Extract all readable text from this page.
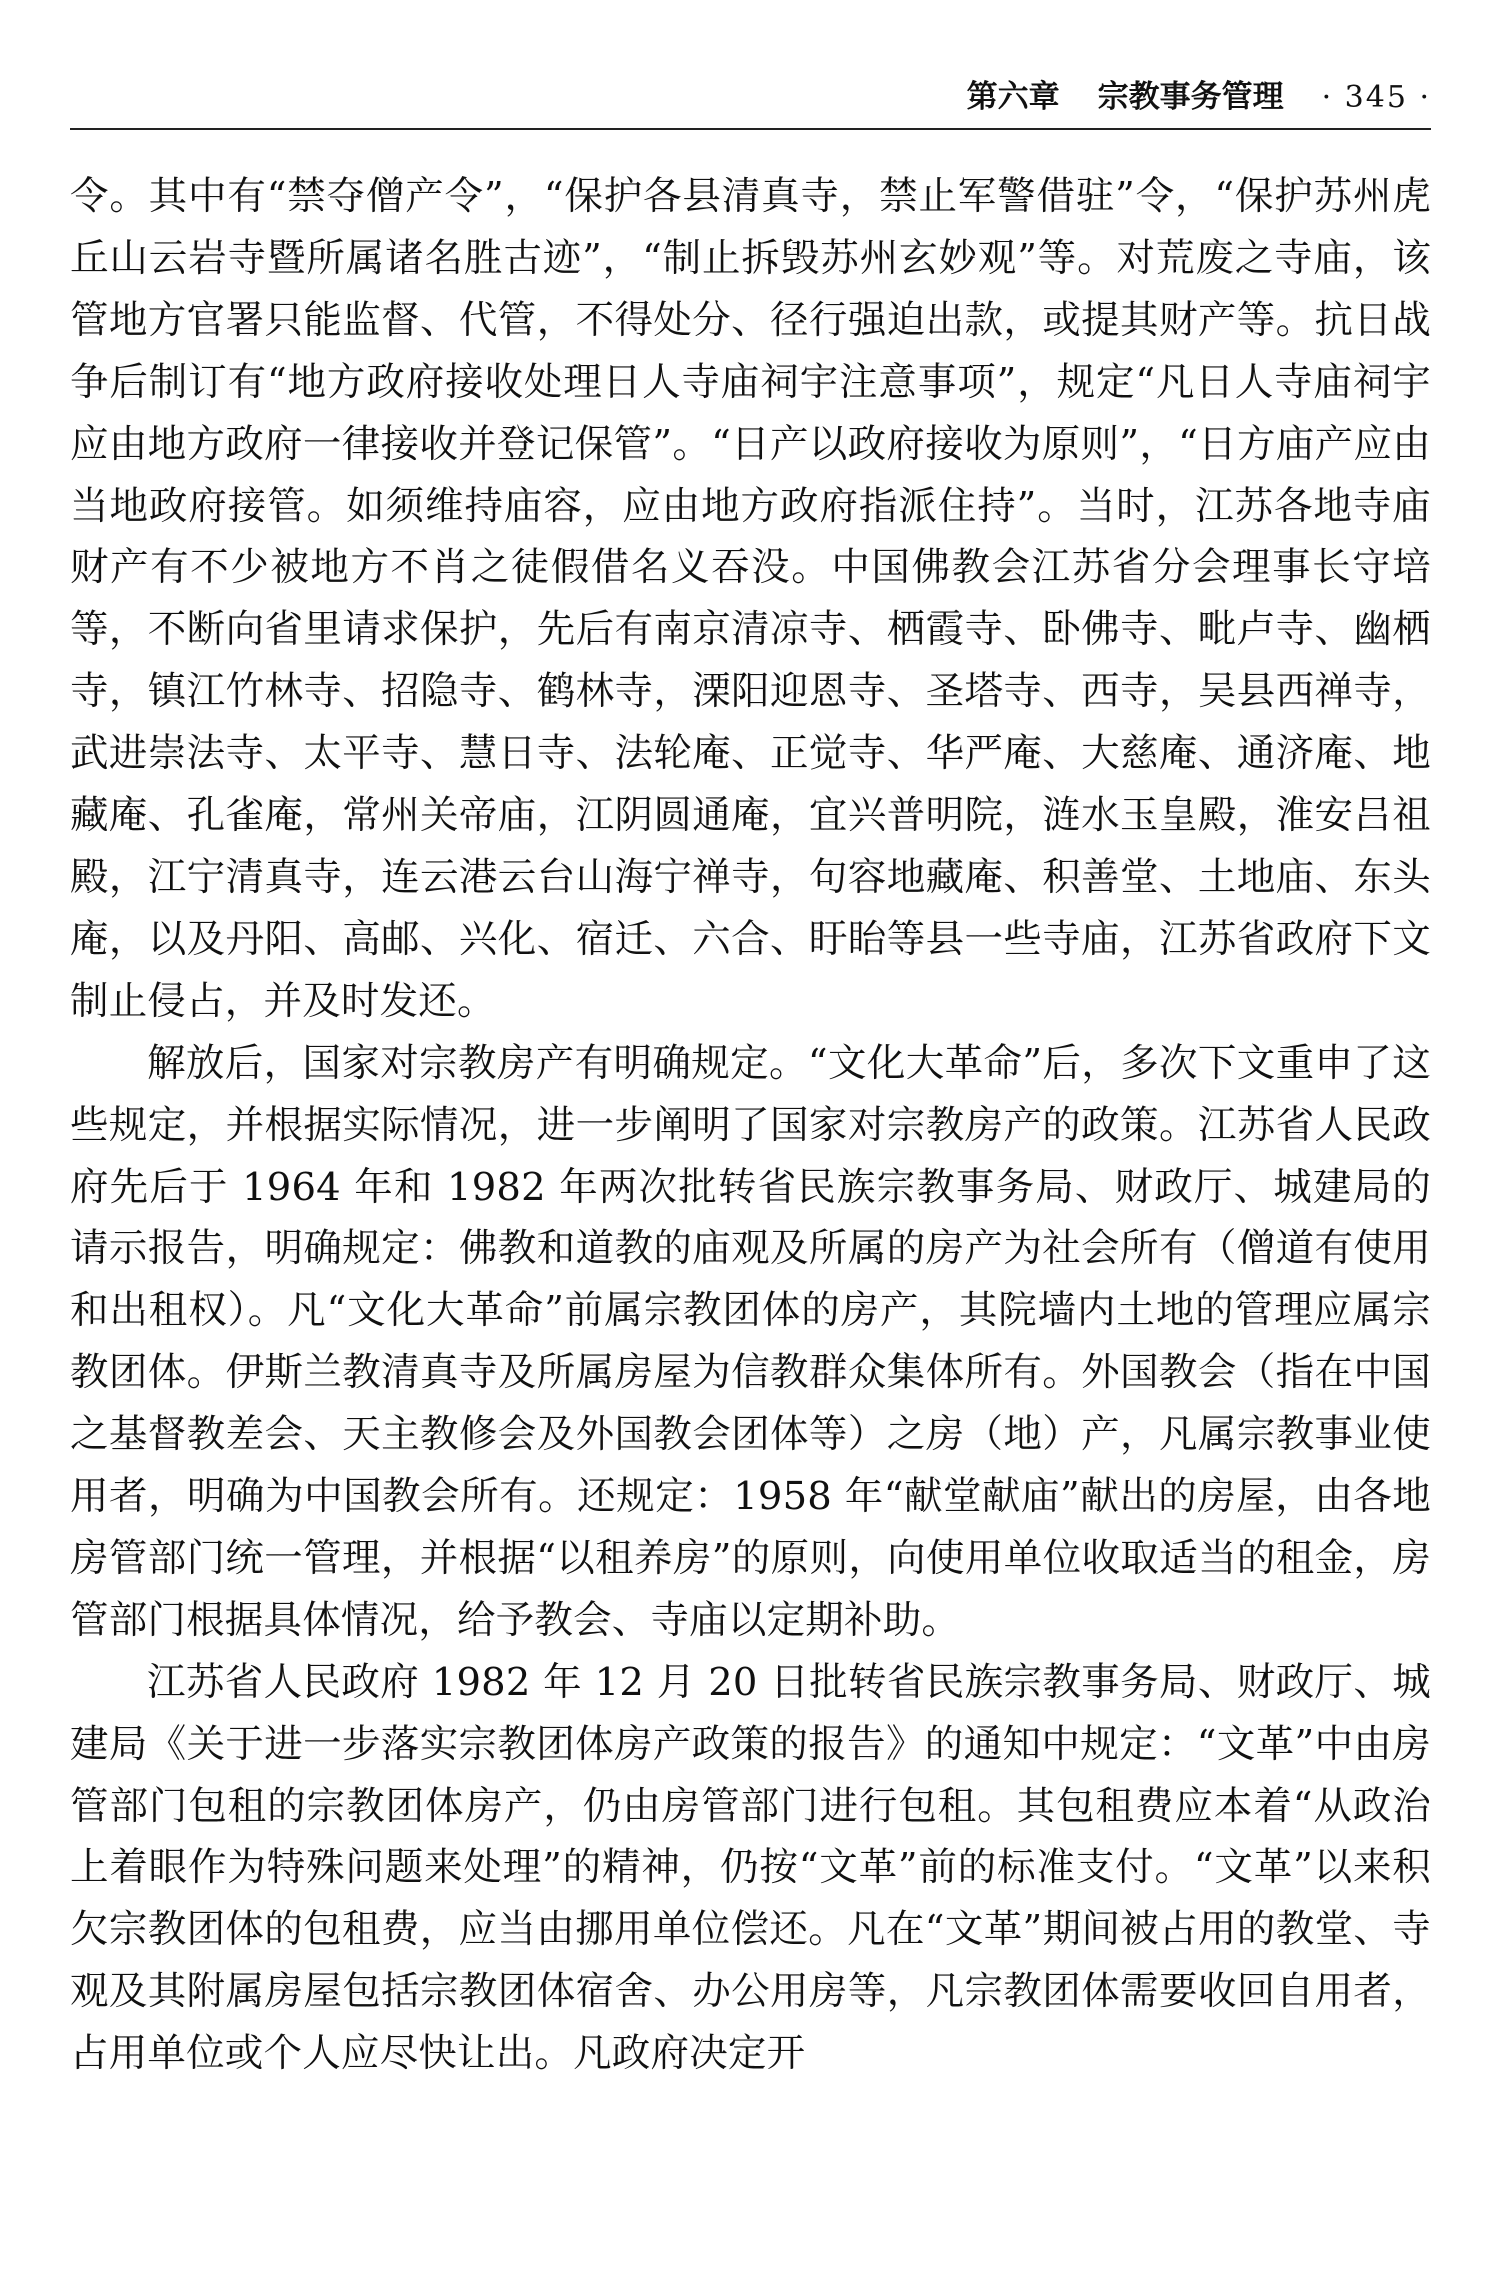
第六章 宗教事务管理 · 345 ·

令。其中有“禁夺僧产令”，“保护各县清真寺，禁止军警借驻”令，“保护苏州虎丘山云岩寺暨所属诸名胜古迹”，“制止拆毁苏州玄妙观”等。对荒废之寺庙，该管地方官署只能监督、代管，不得处分、径行强迫出款，或提其财产等。抗日战争后制订有“地方政府接收处理日人寺庙祠宇注意事项”，规定“凡日人寺庙祠宇应由地方政府一律接收并登记保管”。“日产以政府接收为原则”，“日方庙产应由当地政府接管。如须维持庙容，应由地方政府指派住持”。当时，江苏各地寺庙财产有不少被地方不肖之徒假借名义吞没。中国佛教会江苏省分会理事长守培等，不断向省里请求保护，先后有南京清凉寺、栖霞寺、卧佛寺、毗卢寺、幽栖寺，镇江竹林寺、招隐寺、鹤林寺，溧阳迎恩寺、圣塔寺、西寺，吴县西禅寺，武进崇法寺、太平寺、慧日寺、法轮庵、正觉寺、华严庵、大慈庵、通济庵、地藏庵、孔雀庵，常州关帝庙，江阴圆通庵，宜兴普明院，涟水玉皇殿，淮安吕祖殿，江宁清真寺，连云港云台山海宁禅寺，句容地藏庵、积善堂、土地庙、东头庵，以及丹阳、高邮、兴化、宿迁、六合、盱眙等县一些寺庙，江苏省政府下文制止侵占，并及时发还。

解放后，国家对宗教房产有明确规定。“文化大革命”后，多次下文重申了这些规定，并根据实际情况，进一步阐明了国家对宗教房产的政策。江苏省人民政府先后于 1964 年和 1982 年两次批转省民族宗教事务局、财政厅、城建局的请示报告，明确规定：佛教和道教的庙观及所属的房产为社会所有（僧道有使用和出租权）。凡“文化大革命”前属宗教团体的房产，其院墙内土地的管理应属宗教团体。伊斯兰教清真寺及所属房屋为信教群众集体所有。外国教会（指在中国之基督教差会、天主教修会及外国教会团体等）之房（地）产，凡属宗教事业使用者，明确为中国教会所有。还规定：1958 年“献堂献庙”献出的房屋，由各地房管部门统一管理，并根据“以租养房”的原则，向使用单位收取适当的租金，房管部门根据具体情况，给予教会、寺庙以定期补助。

江苏省人民政府 1982 年 12 月 20 日批转省民族宗教事务局、财政厅、城建局《关于进一步落实宗教团体房产政策的报告》的通知中规定：“文革”中由房管部门包租的宗教团体房产，仍由房管部门进行包租。其包租费应本着“从政治上着眼作为特殊问题来处理”的精神，仍按“文革”前的标准支付。“文革”以来积欠宗教团体的包租费，应当由挪用单位偿还。凡在“文革”期间被占用的教堂、寺观及其附属房屋包括宗教团体宿舍、办公用房等，凡宗教团体需要收回自用者，占用单位或个人应尽快让出。凡政府决定开
